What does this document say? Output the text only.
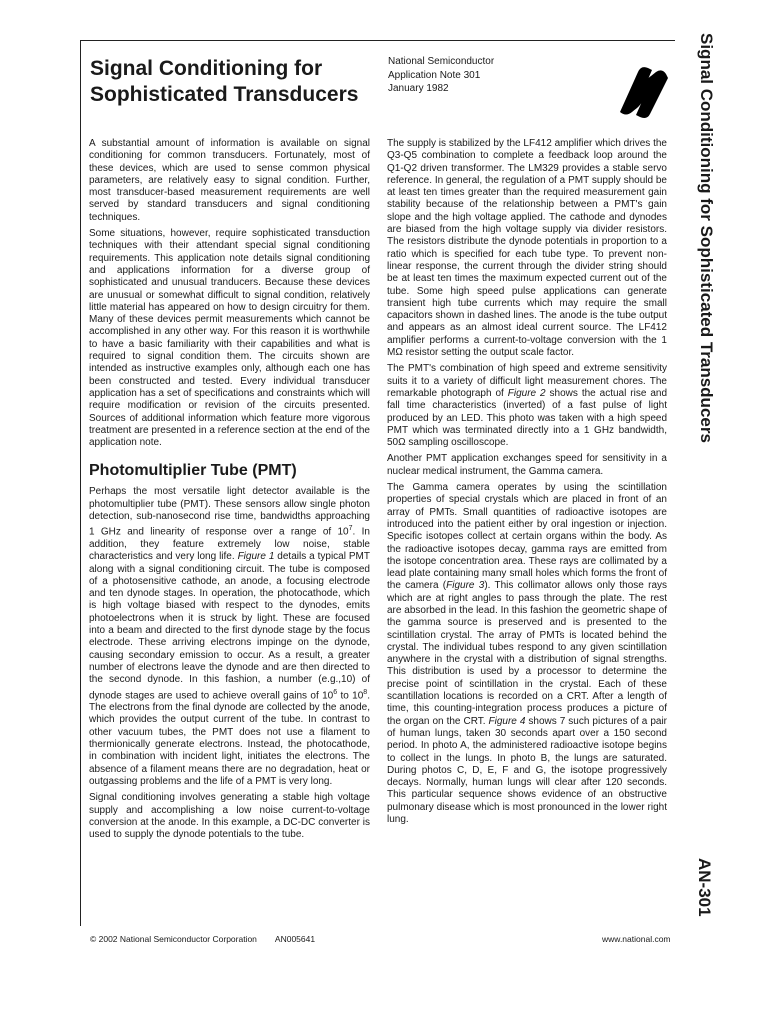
Signal Conditioning for
Sophisticated Transducers
National Semiconductor
Application Note 301
January 1982	Signal Conditioning for Sophisticated Transducers
AN-301

A substantial amount of information is available on signal conditioning for common transducers. Fortunately, most of these devices, which are used to sense common physical parameters, are relatively easy to signal condition. Further, most transducer-based measurement requirements are well served by standard transducers and signal conditioning techniques.

Some situations, however, require sophisticated transduction techniques with their attendant special signal conditioning requirements. This application note details signal conditioning and applications information for a diverse group of sophisticated and unusual tranducers. Because these devices are unusual or somewhat difficult to signal condition, relatively little material has appeared on how to design circuitry for them. Many of these devices permit measurements which cannot be accomplished in any other way. For this reason it is worthwhile to have a basic familiarity with their capabilities and what is required to signal condition them. The circuits shown are intended as instructive examples only, although each one has been constructed and tested. Every individual transducer application has a set of specifications and constraints which will require modification or revision of the circuits presented. Sources of additional information which feature more vigorous treatment are presented in a reference section at the end of the application note.

Photomultiplier Tube (PMT)

Perhaps the most versatile light detector available is the photomultiplier tube (PMT). These sensors allow single photon detection, sub-nanosecond rise time, bandwidths approaching 1 GHz and linearity of response over a range of $10^7$. In addition, they feature extremely low noise, stable characteristics and very long life. Figure 1 details a typical PMT along with a signal conditioning circuit. The tube is composed of a photosensitive cathode, an anode, a focusing electrode and ten dynode stages. In operation, the photocathode, which is high voltage biased with respect to the dynodes, emits photoelectrons when it is struck by light. These are focused into a beam and directed to the first dynode stage by the focus electrode. These arriving electrons impinge on the dynode, causing secondary emission to occur. As a result, a greater number of electrons leave the dynode and are then directed to the second dynode. In this fashion, a number (e.g.,10) of dynode stages are used to achieve overall gains of $10^6$ to $10^8$. The electrons from the final dynode are collected by the anode, which provides the output current of the tube. In contrast to other vacuum tubes, the PMT does not use a filament to thermionically generate electrons. Instead, the photocathode, in combination with incident light, initiates the electrons. The absence of a filament means there are no degradation, heat or outgassing problems and the life of a PMT is very long.

Signal conditioning involves generating a stable high voltage supply and accomplishing a low noise current-to-voltage conversion at the anode. In this example, a DC-DC converter is used to supply the dynode potentials to the tube.

The supply is stabilized by the LF412 amplifier which drives the Q3-Q5 combination to complete a feedback loop around the Q1-Q2 driven transformer. The LM329 provides a stable servo reference. In general, the regulation of a PMT supply should be at least ten times greater than the required measurement gain stability because of the relationship between a PMT's gain slope and the high voltage applied. The cathode and dynodes are biased from the high voltage supply via divider resistors. The resistors distribute the dynode potentials in proportion to a ratio which is specified for each tube type. To prevent non-linear response, the current through the divider string should be at least ten times the maximum expected current out of the tube. Some high speed pulse applications can generate transient high tube currents which may require the small capacitors shown in dashed lines. The anode is the tube output and appears as an almost ideal current source. The LF412 amplifier performs a current-to-voltage conversion with the 1 MΩ resistor setting the output scale factor.

The PMT's combination of high speed and extreme sensitivity suits it to a variety of difficult light measurement chores. The remarkable photograph of Figure 2 shows the actual rise and fall time characteristics (inverted) of a fast pulse of light produced by an LED. This photo was taken with a high speed PMT which was terminated directly into a 1 GHz bandwidth, 50Ω sampling oscilloscope.

Another PMT application exchanges speed for sensitivity in a nuclear medical instrument, the Gamma camera.

The Gamma camera operates by using the scintillation properties of special crystals which are placed in front of an array of PMTs. Small quantities of radioactive isotopes are introduced into the patient either by oral ingestion or injection. Specific isotopes collect at certain organs within the body. As the radioactive isotopes decay, gamma rays are emitted from the isotope concentration area. These rays are collimated by a lead plate containing many small holes which forms the front of the camera (Figure 3). This collimator allows only those rays which are at right angles to pass through the plate. The rest are absorbed in the lead. In this fashion the geometric shape of the gamma source is preserved and is presented to the scintillation crystal. The array of PMTs is located behind the crystal. The individual tubes respond to any given scintillation anywhere in the crystal with a distribution of signal strengths. This distribution is used by a processor to determine the precise point of scintillation in the crystal. Each of these scantillation locations is recorded on a CRT. After a length of time, this counting-integration process produces a picture of the organ on the CRT. Figure 4 shows 7 such pictures of a pair of human lungs, taken 30 seconds apart over a 150 second period. In photo A, the administered radioactive isotope begins to collect in the lungs. In photo B, the lungs are saturated. During photos C, D, E, F and G, the isotope progressively decays. Normally, human lungs will clear after 120 seconds. This particular sequence shows evidence of an obstructive pulmonary disease which is most pronounced in the lower right lung.

© 2002 National Semiconductor Corporation AN005641	www.national.com
